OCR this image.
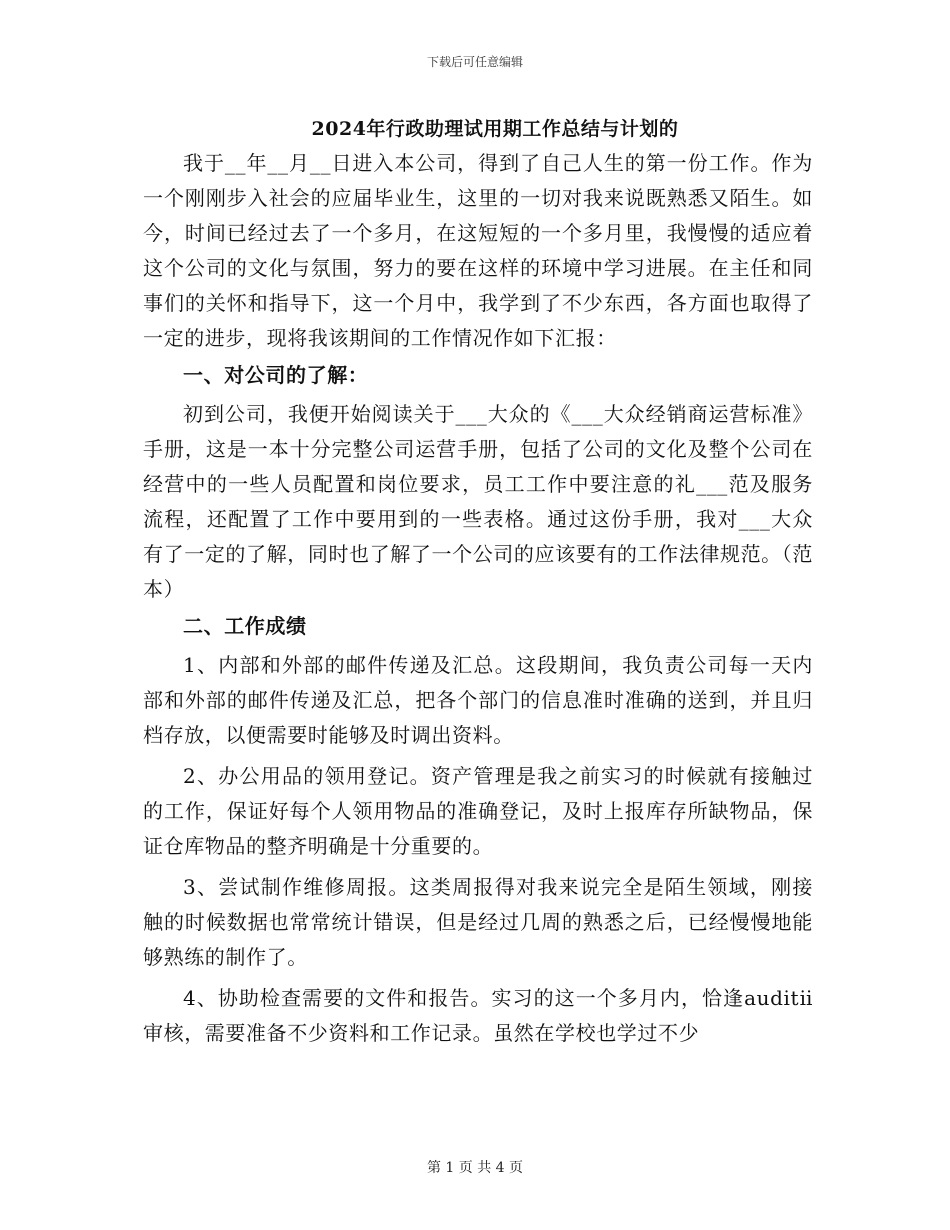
下载后可任意编辑
2024年行政助理试用期工作总结与计划的

我于__年__月__日进入本公司，得到了自己人生的第一份工作。作为一个刚刚步入社会的应届毕业生，这里的一切对我来说既熟悉又陌生。如今，时间已经过去了一个多月，在这短短的一个多月里，我慢慢的适应着这个公司的文化与氛围，努力的要在这样的环境中学习进展。在主任和同事们的关怀和指导下，这一个月中，我学到了不少东西，各方面也取得了一定的进步，现将我该期间的工作情况作如下汇报：

一、对公司的了解：

初到公司，我便开始阅读关于___大众的《___大众经销商运营标准》手册，这是一本十分完整公司运营手册，包括了公司的文化及整个公司在经营中的一些人员配置和岗位要求，员工工作中要注意的礼___范及服务流程，还配置了工作中要用到的一些表格。通过这份手册，我对___大众有了一定的了解，同时也了解了一个公司的应该要有的工作法律规范。（范本）

二、工作成绩

1、内部和外部的邮件传递及汇总。这段期间，我负责公司每一天内部和外部的邮件传递及汇总，把各个部门的信息准时准确的送到，并且归档存放，以便需要时能够及时调出资料。

2、办公用品的领用登记。资产管理是我之前实习的时候就有接触过的工作，保证好每个人领用物品的准确登记，及时上报库存所缺物品，保证仓库物品的整齐明确是十分重要的。

3、尝试制作维修周报。这类周报得对我来说完全是陌生领域，刚接触的时候数据也常常统计错误，但是经过几周的熟悉之后，已经慢慢地能够熟练的制作了。

4、协助检查需要的文件和报告。实习的这一个多月内，恰逢auditⅱ审核，需要准备不少资料和工作记录。虽然在学校也学过不少

第 1 页 共 4 页
